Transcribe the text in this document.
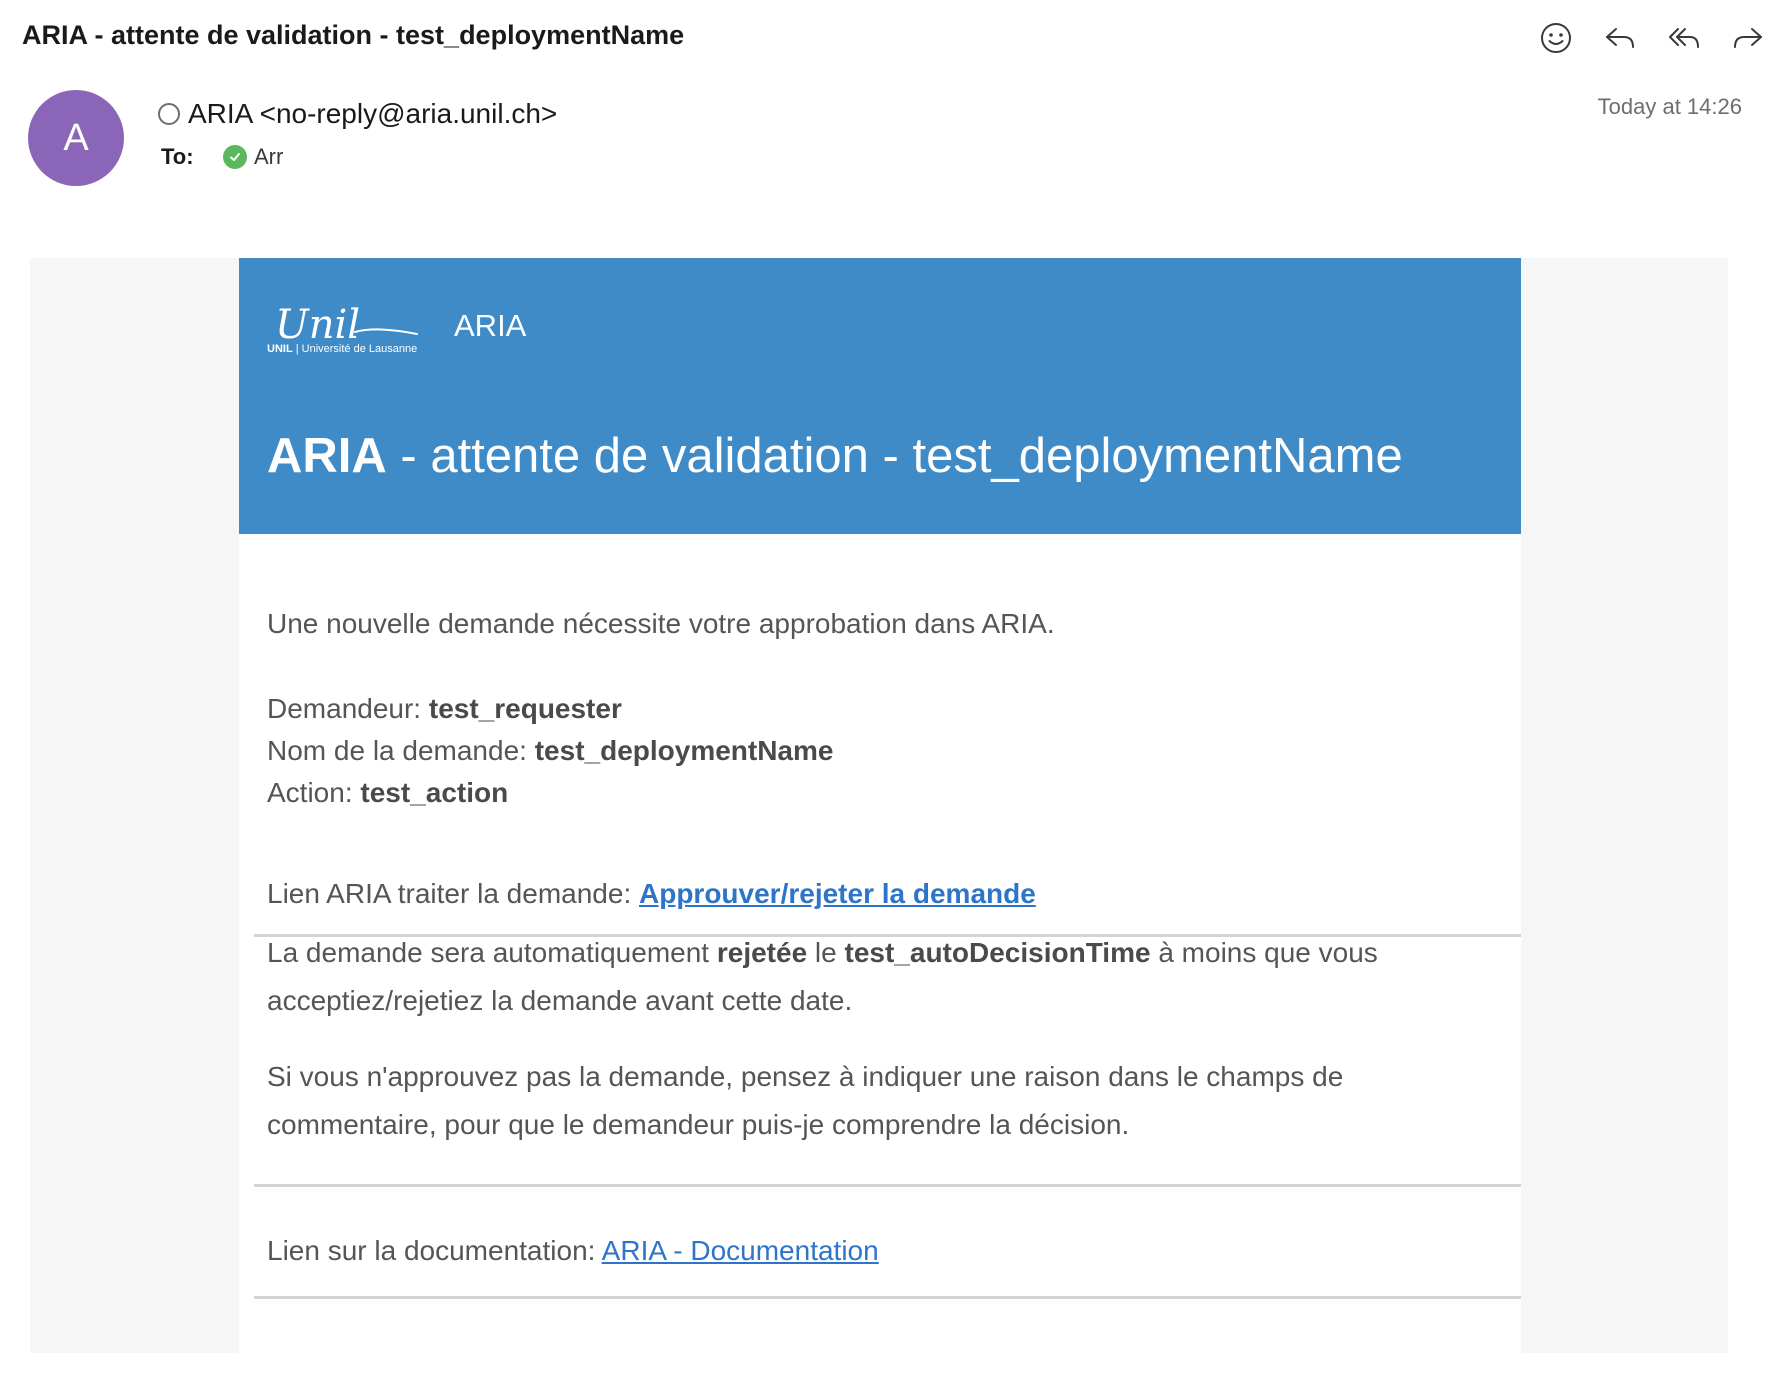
ARIA - attente de validation - test_deploymentName
A
ARIA <no-reply@aria.unil.ch>
To:	Arr
Today at 14:26
Unil
UNIL | Université de Lausanne
ARIA
ARIA - attente de validation - test_deploymentName
Une nouvelle demande nécessite votre approbation dans ARIA.
Demandeur: test_requester
Nom de la demande: test_deploymentName
Action: test_action
Lien ARIA traiter la demande: Approuver/rejeter la demande
La demande sera automatiquement rejetée le test_autoDecisionTime à moins que vous acceptiez/rejetiez la demande avant cette date.
Si vous n'approuvez pas la demande, pensez à indiquer une raison dans le champs de commentaire, pour que le demandeur puis-je comprendre la décision.
Lien sur la documentation: ARIA - Documentation
